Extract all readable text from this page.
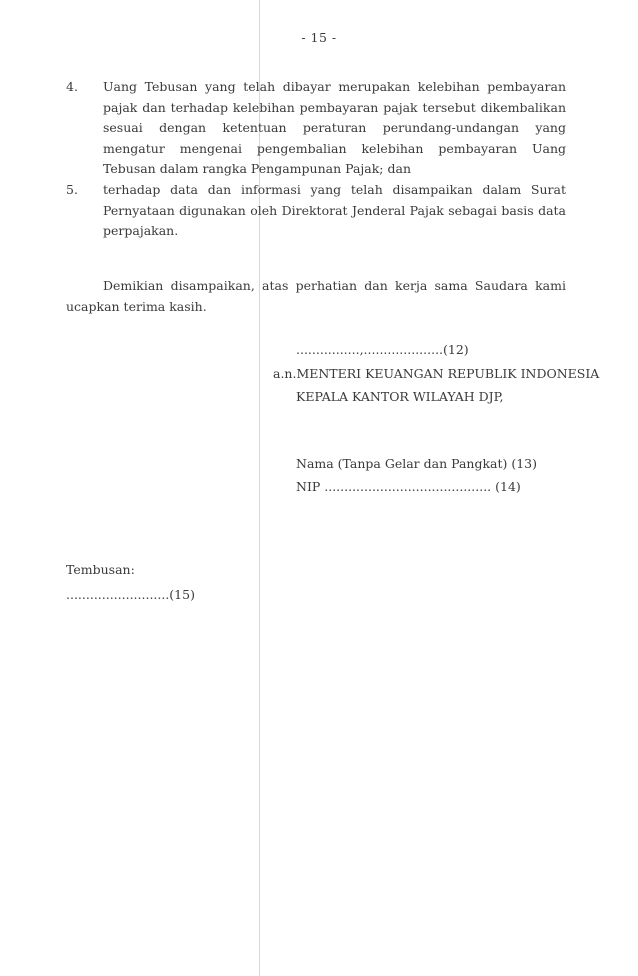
- 15 -
4.	Uang Tebusan yang telah dibayar merupakan kelebihan pembayaran pajak dan terhadap kelebihan pembayaran pajak tersebut dikembalikan sesuai dengan ketentuan peraturan perundang-undangan yang mengatur mengenai pengembalian kelebihan pembayaran Uang Tebusan dalam rangka Pengampunan Pajak; dan
5.	terhadap data dan informasi yang telah disampaikan dalam Surat Pernyataan digunakan oleh Direktorat Jenderal Pajak sebagai basis data perpajakan.
Demikian disampaikan, atas perhatian dan kerja sama Saudara kami ucapkan terima kasih.
................,....................(12)
a.n.MENTERI KEUANGAN REPUBLIK INDONESIA
KEPALA KANTOR WILAYAH DJP,
Nama (Tanpa Gelar dan Pangkat) (13)
NIP .......................................... (14)
Tembusan:
..........................(15)
